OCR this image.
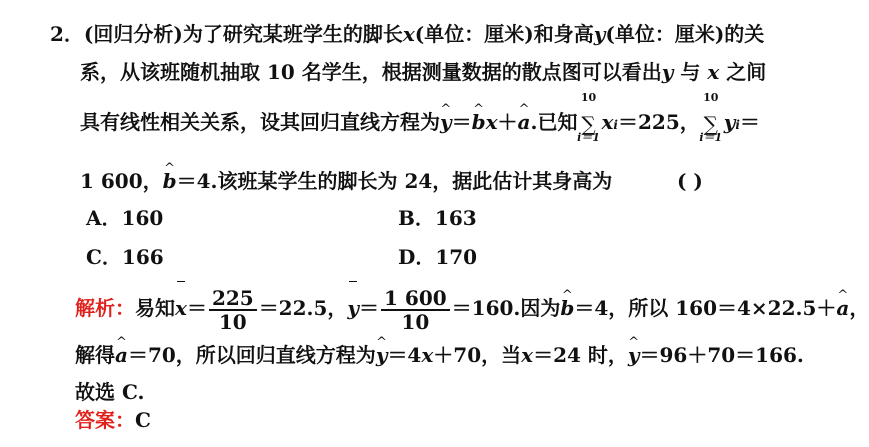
2．(回归分析)为了研究某班学生的脚长x(单位：厘米)和身高y(单位：厘米)的关
系，从该班随机抽取 10 名学生，根据测量数据的散点图可以看出y 与 x 之间
具有线性相关关系，设其回归直线方程为^ y＝^ bx＋^ a.已知
10
∑
i＝1
xi＝225，
10
∑
i＝1
yi＝
1 600，^ b＝4.该班某学生的脚长为 24，据此估计其身高为	( )
A．160	B．163
C．166	D．170
解析：易知$x= \frac{225}{10} =22.5$，$y= \frac{1 600}{10} =160$.因为^ b＝4，所以 160＝4×22.5＋^ a，
解得^ a＝70，所以回归直线方程为^ y＝4x＋70，当x＝24 时，^ y＝96＋70＝166.
故选 C.
答案：C
